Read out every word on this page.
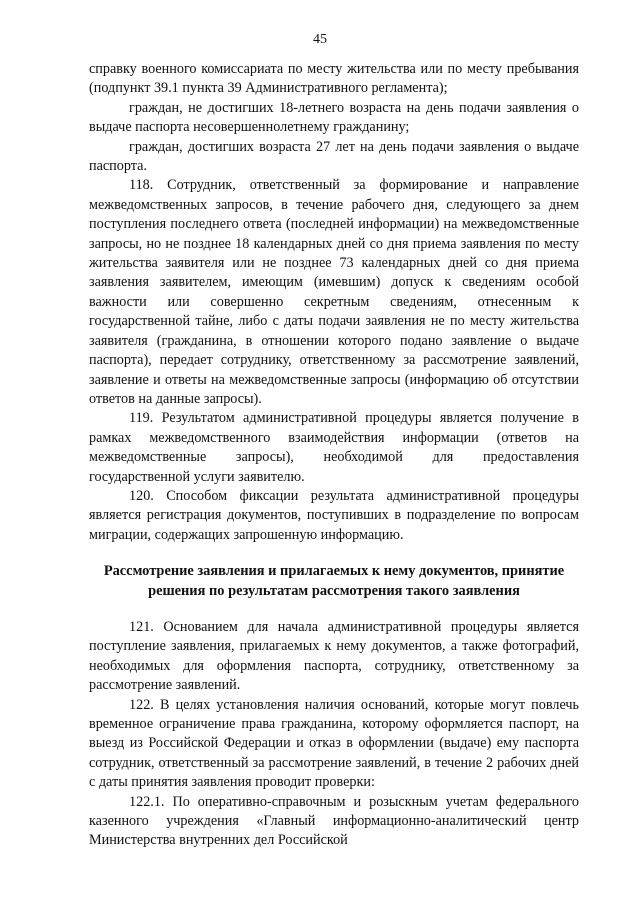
45

справку военного комиссариата по месту жительства или по месту пребывания (подпункт 39.1 пункта 39 Административного регламента);

граждан, не достигших 18-летнего возраста на день подачи заявления о выдаче паспорта несовершеннолетнему гражданину;

граждан, достигших возраста 27 лет на день подачи заявления о выдаче паспорта.

118. Сотрудник, ответственный за формирование и направление межведомственных запросов, в течение рабочего дня, следующего за днем поступления последнего ответа (последней информации) на межведомственные запросы, но не позднее 18 календарных дней со дня приема заявления по месту жительства заявителя или не позднее 73 календарных дней со дня приема заявления заявителем, имеющим (имевшим) допуск к сведениям особой важности или совершенно секретным сведениям, отнесенным к государственной тайне, либо с даты подачи заявления не по месту жительства заявителя (гражданина, в отношении которого подано заявление о выдаче паспорта), передает сотруднику, ответственному за рассмотрение заявлений, заявление и ответы на межведомственные запросы (информацию об отсутствии ответов на данные запросы).

119. Результатом административной процедуры является получение в рамках межведомственного взаимодействия информации (ответов на межведомственные запросы), необходимой для предоставления государственной услуги заявителю.

120. Способом фиксации результата административной процедуры является регистрация документов, поступивших в подразделение по вопросам миграции, содержащих запрошенную информацию.

Рассмотрение заявления и прилагаемых к нему документов, принятие решения по результатам рассмотрения такого заявления

121. Основанием для начала административной процедуры является поступление заявления, прилагаемых к нему документов, а также фотографий, необходимых для оформления паспорта, сотруднику, ответственному за рассмотрение заявлений.

122. В целях установления наличия оснований, которые могут повлечь временное ограничение права гражданина, которому оформляется паспорт, на выезд из Российской Федерации и отказ в оформлении (выдаче) ему паспорта сотрудник, ответственный за рассмотрение заявлений, в течение 2 рабочих дней с даты принятия заявления проводит проверки:

122.1. По оперативно-справочным и розыскным учетам федерального казенного учреждения «Главный информационно-аналитический центр Министерства внутренних дел Российской
